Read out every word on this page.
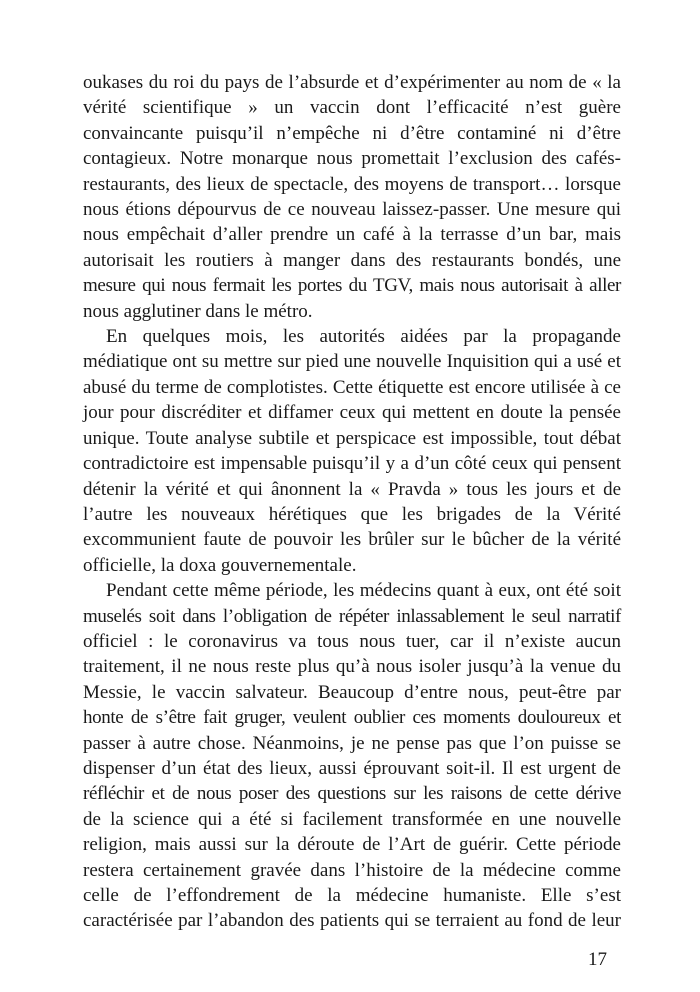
oukases du roi du pays de l’absurde et d’expérimenter au nom de « la
vérité scientifique » un vaccin dont l’efficacité n’est guère
convaincante puisqu’il n’empêche ni d’être contaminé ni d’être
contagieux. Notre monarque nous promettait l’exclusion des cafés-
restaurants, des lieux de spectacle, des moyens de transport… lorsque
nous étions dépourvus de ce nouveau laissez-passer. Une mesure qui
nous empêchait d’aller prendre un café à la terrasse d’un bar, mais
autorisait les routiers à manger dans des restaurants bondés, une
mesure qui nous fermait les portes du TGV, mais nous autorisait à aller
nous agglutiner dans le métro.
En quelques mois, les autorités aidées par la propagande
médiatique ont su mettre sur pied une nouvelle Inquisition qui a usé et
abusé du terme de complotistes. Cette étiquette est encore utilisée à ce
jour pour discréditer et diffamer ceux qui mettent en doute la pensée
unique. Toute analyse subtile et perspicace est impossible, tout débat
contradictoire est impensable puisqu’il y a d’un côté ceux qui pensent
détenir la vérité et qui ânonnent la « Pravda » tous les jours et de
l’autre les nouveaux hérétiques que les brigades de la Vérité
excommunient faute de pouvoir les brûler sur le bûcher de la vérité
officielle, la doxa gouvernementale.
Pendant cette même période, les médecins quant à eux, ont été soit
muselés soit dans l’obligation de répéter inlassablement le seul narratif
officiel : le coronavirus va tous nous tuer, car il n’existe aucun
traitement, il ne nous reste plus qu’à nous isoler jusqu’à la venue du
Messie, le vaccin salvateur. Beaucoup d’entre nous, peut-être par
honte de s’être fait gruger, veulent oublier ces moments douloureux et
passer à autre chose. Néanmoins, je ne pense pas que l’on puisse se
dispenser d’un état des lieux, aussi éprouvant soit-il. Il est urgent de
réfléchir et de nous poser des questions sur les raisons de cette dérive
de la science qui a été si facilement transformée en une nouvelle
religion, mais aussi sur la déroute de l’Art de guérir. Cette période
restera certainement gravée dans l’histoire de la médecine comme
celle de l’effondrement de la médecine humaniste. Elle s’est
caractérisée par l’abandon des patients qui se terraient au fond de leur
17
